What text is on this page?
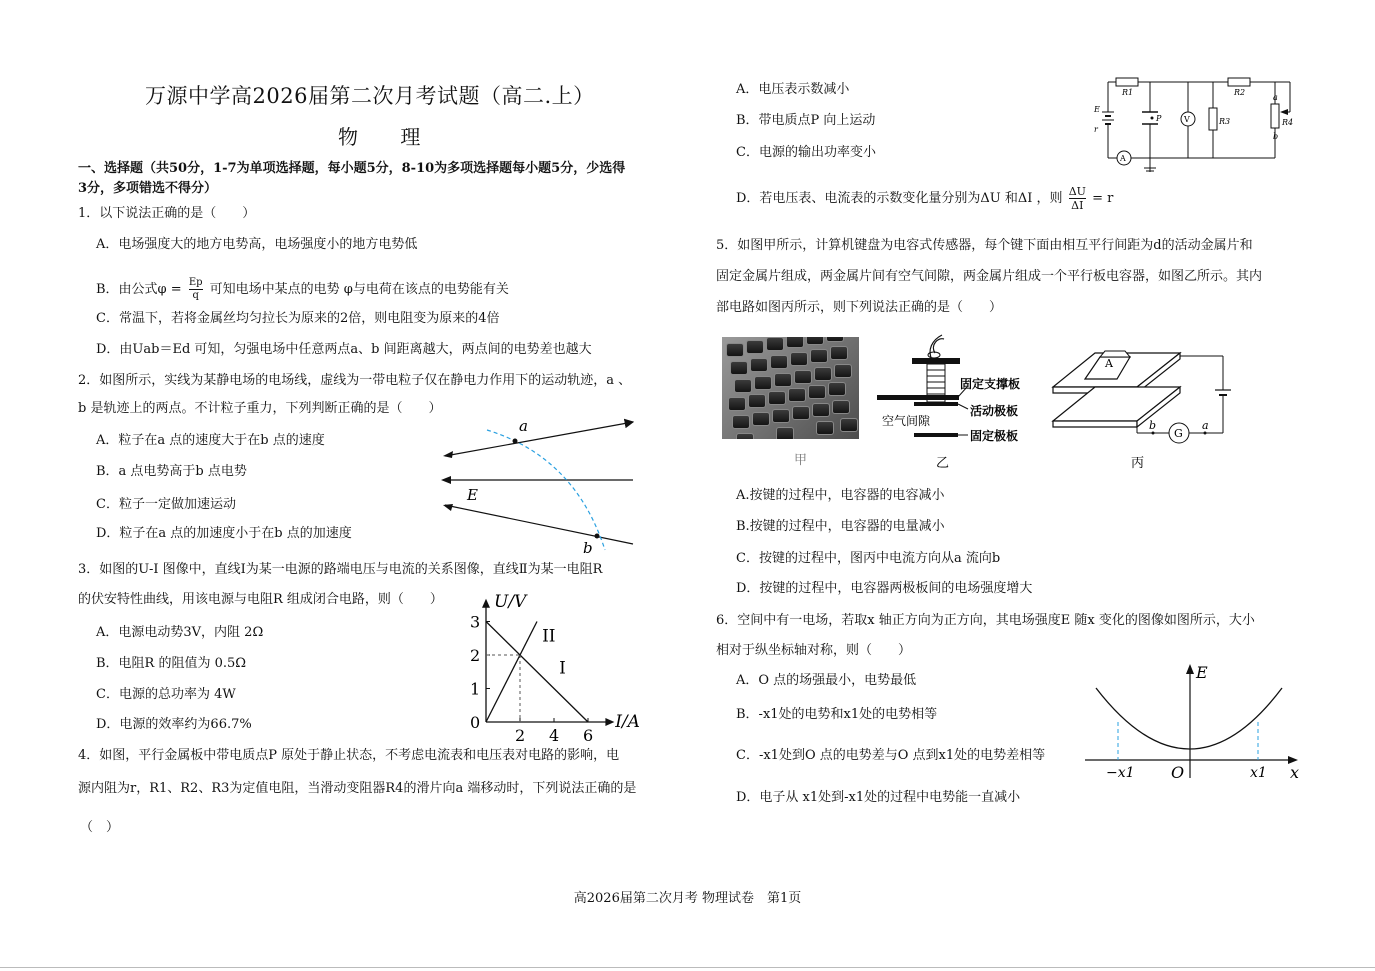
万源中学高2026届第二次月考试题（高二.上）
物 理
一、选择题（共50分，1-7为单项选择题，每小题5分，8-10为多项选择题每小题5分，少选得
3分，多项错选不得分）
1．以下说法正确的是（　　）
A．电场强度大的地方电势高，电场强度小的地方电势低
B．由公式$\varphi = \frac{Ep}{q}$ 可知电场中某点的电势 φ与电荷在该点的电势能有关
C．常温下，若将金属丝均匀拉长为原来的2倍，则电阻变为原来的4倍
D．由Uab＝Ed 可知，匀强电场中任意两点a、b 间距离越大，两点间的电势差也越大
2．如图所示，实线为某静电场的电场线，虚线为一带电粒子仅在静电力作用下的运动轨迹，a 、
b 是轨迹上的两点。不计粒子重力，下列判断正确的是（　　）
A．粒子在a 点的速度大于在b 点的速度
B．a 点电势高于b 点电势
C．粒子一定做加速运动
D．粒子在a 点的加速度小于在b 点的加速度
a
b
E
3．如图的U-I 图像中，直线Ⅰ为某一电源的路端电压与电流的关系图像，直线Ⅱ为某一电阻R
的伏安特性曲线，用该电源与电阻R 组成闭合电路，则（　　）
A．电源电动势3V，内阻 2Ω
B．电阻R 的阻值为 0.5Ω
C．电源的总功率为 4W
D．电源的效率约为66.7%
U/V
I/A
0
1
2
3
2 4 6
II
I
4．如图，平行金属板中带电质点P 原处于静止状态，不考虑电流表和电压表对电路的影响，电
源内阻为r，R1、R2、R3为定值电阻，当滑动变阻器R4的滑片向a 端移动时，下列说法正确的是
（　）
A．电压表示数减小
B．带电质点P 向上运动
C．电源的输出功率变小
D．若电压表、电流表的示数变化量分别为ΔU 和ΔI ，则 $\frac{\Delta U}{\Delta I} = r$
E
r
R1
A
P	V	R3
R2
a
R4
b
5．如图甲所示，计算机键盘为电容式传感器，每个键下面由相互平行间距为d的活动金属片和
固定金属片组成，两金属片间有空气间隙，两金属片组成一个平行板电容器，如图乙所示。其内
部电路如图丙所示，则下列说法正确的是（　　）
甲
固定支撑板
空气间隙
活动极板
固定极板
乙
A
G
b	a
丙
A.按键的过程中，电容器的电容减小
B.按键的过程中，电容器的电量减小
C．按键的过程中，图丙中电流方向从a 流向b
D．按键的过程中，电容器两极板间的电场强度增大
6．空间中有一电场，若取x 轴正方向为正方向，其电场强度E 随x 变化的图像如图所示，大小
相对于纵坐标轴对称，则（　　）
A．O 点的场强最小，电势最低
B．-x1处的电势和x1处的电势相等
C．-x1处到O 点的电势差与O 点到x1处的电势差相等
D．电子从 x1处到-x1处的过程中电势能一直减小
E
x
O
−x1	x1
高2026届第二次月考 物理试卷　第1页
